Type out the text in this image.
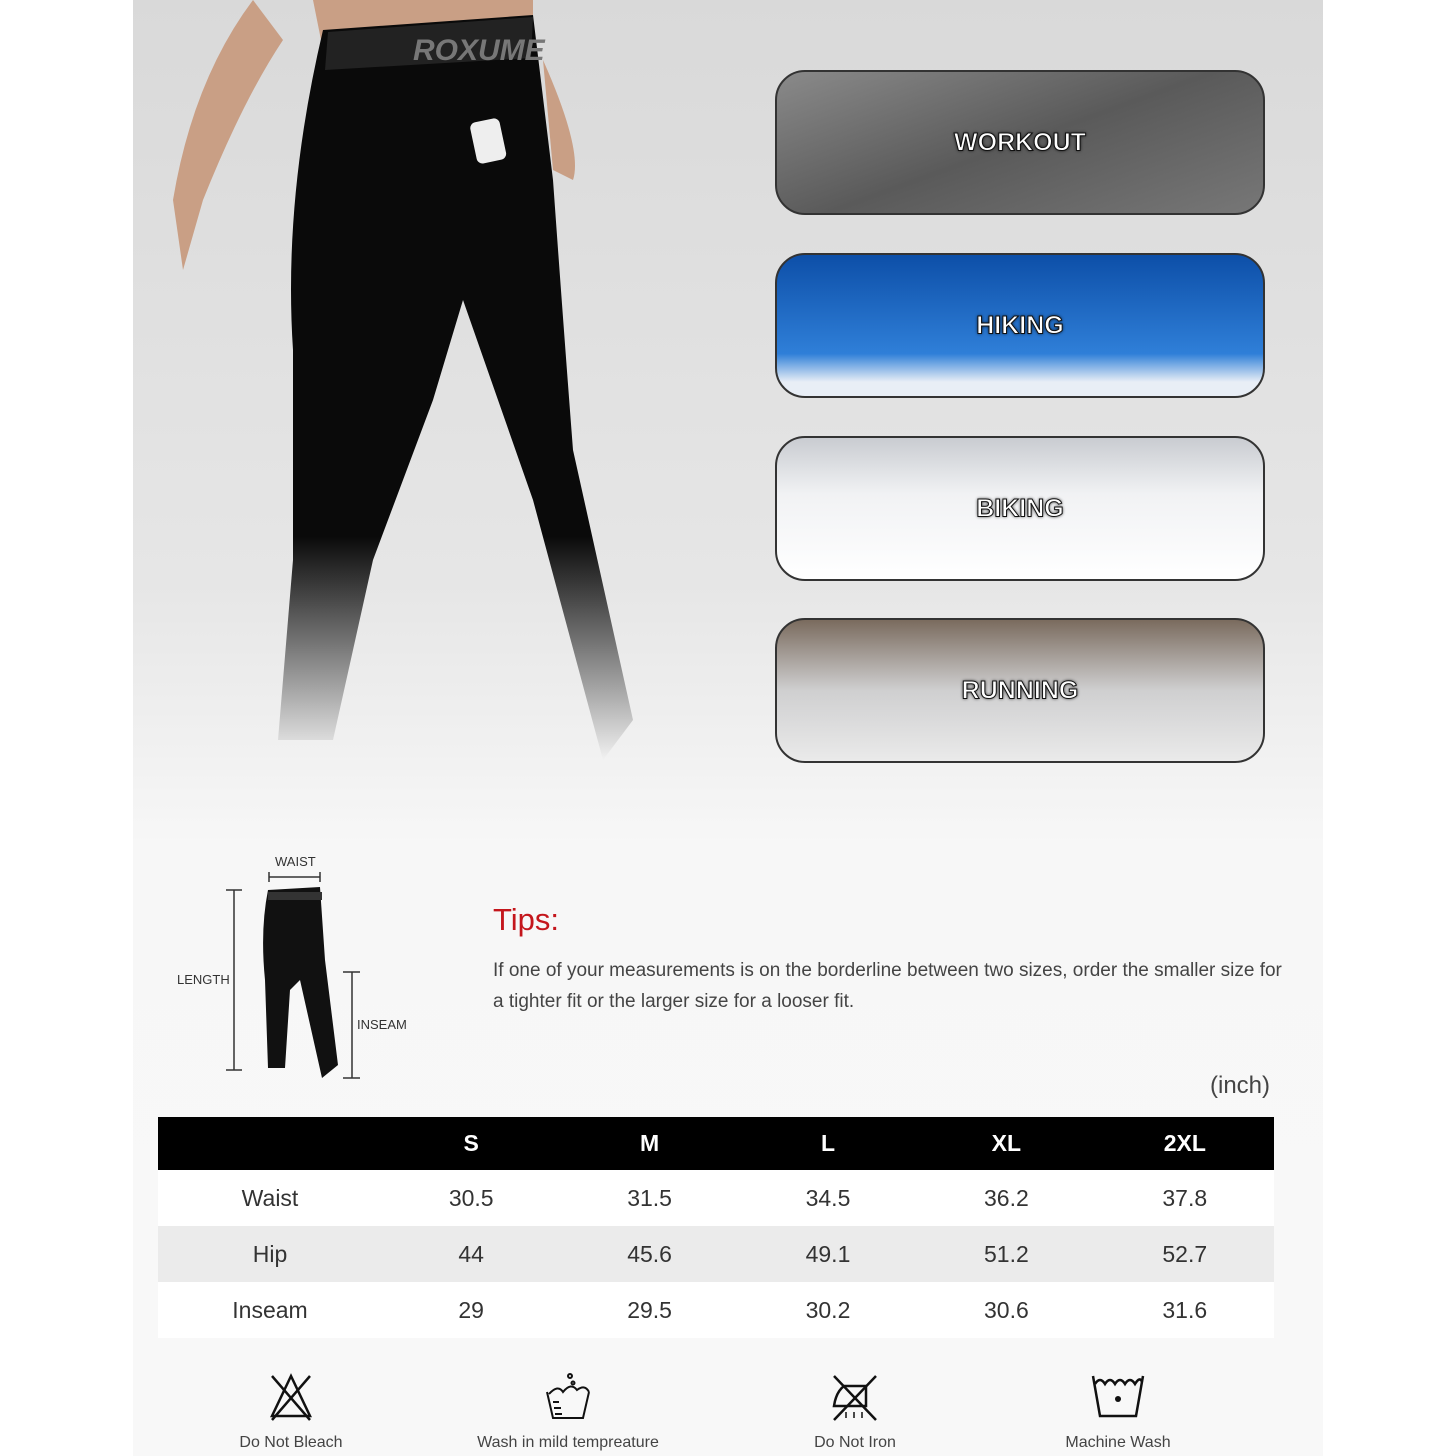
ROXUME
WORKOUT
HIKING
BIKING
RUNNING
WAIST
LENGTH
INSEAM
Tips:
If one of your measurements is on the borderline between two sizes, order the smaller size for a tighter fit or the larger size for a looser fit.
(inch)
	S	M	L	XL	2XL
Waist	30.5	31.5	34.5	36.2	37.8
Hip	44	45.6	49.1	51.2	52.7
Inseam	29	29.5	30.2	30.6	31.6
Do Not Bleach	Wash in mild tempreature	Do Not Iron	Machine Wash
